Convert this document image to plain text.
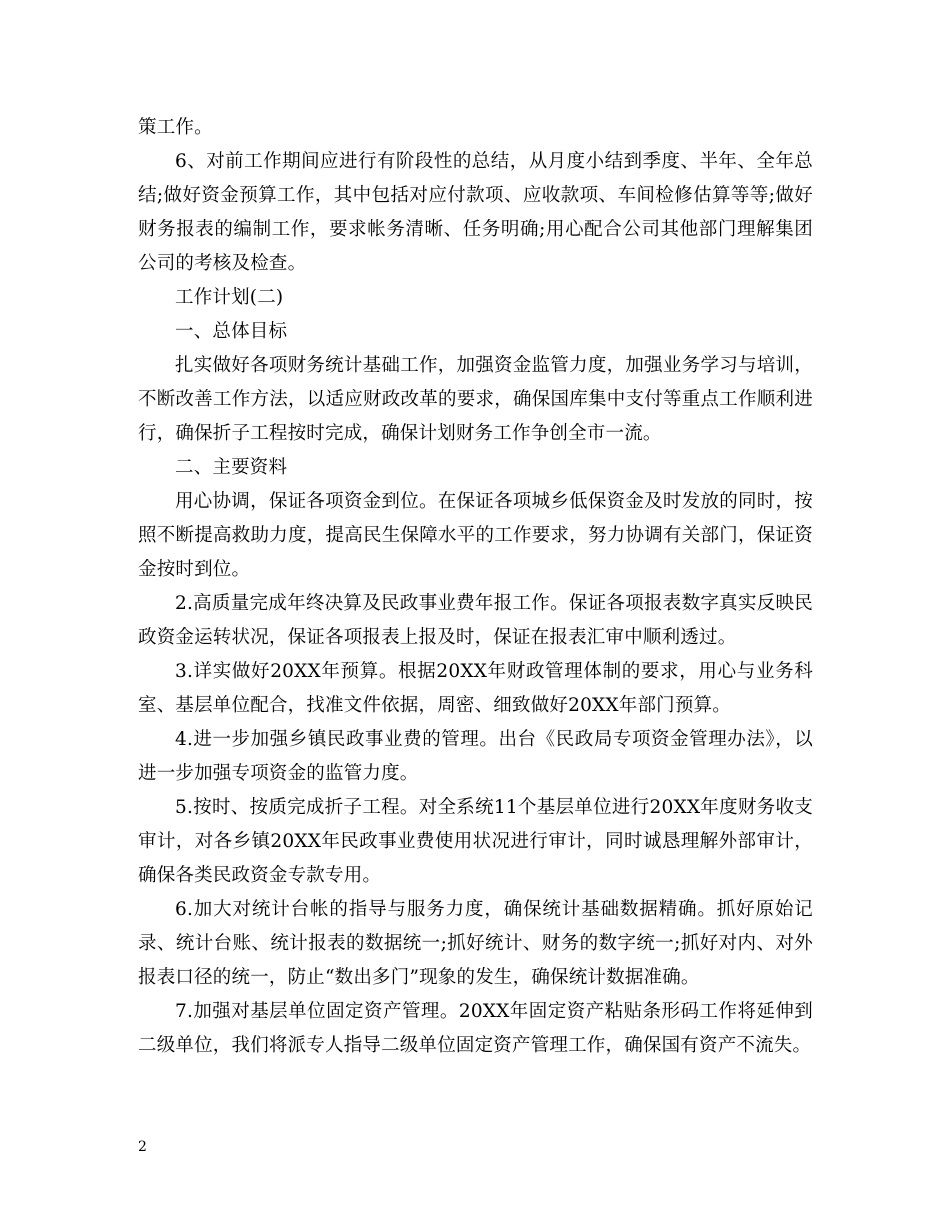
策工作。

6、对前工作期间应进行有阶段性的总结，从月度小结到季度、半年、全年总结;做好资金预算工作，其中包括对应付款项、应收款项、车间检修估算等等;做好财务报表的编制工作，要求帐务清晰、任务明确;用心配合公司其他部门理解集团公司的考核及检查。

工作计划(二)

一、总体目标

扎实做好各项财务统计基础工作，加强资金监管力度，加强业务学习与培训，不断改善工作方法，以适应财政改革的要求，确保国库集中支付等重点工作顺利进行，确保折子工程按时完成，确保计划财务工作争创全市一流。

二、主要资料

用心协调，保证各项资金到位。在保证各项城乡低保资金及时发放的同时，按照不断提高救助力度，提高民生保障水平的工作要求，努力协调有关部门，保证资金按时到位。

2.高质量完成年终决算及民政事业费年报工作。保证各项报表数字真实反映民政资金运转状况，保证各项报表上报及时，保证在报表汇审中顺利透过。

3.详实做好20XX年预算。根据20XX年财政管理体制的要求，用心与业务科室、基层单位配合，找准文件依据，周密、细致做好20XX年部门预算。

4.进一步加强乡镇民政事业费的管理。出台《民政局专项资金管理办法》，以进一步加强专项资金的监管力度。

5.按时、按质完成折子工程。对全系统11个基层单位进行20XX年度财务收支审计，对各乡镇20XX年民政事业费使用状况进行审计，同时诚恳理解外部审计，确保各类民政资金专款专用。

6.加大对统计台帐的指导与服务力度，确保统计基础数据精确。抓好原始记录、统计台账、统计报表的数据统一;抓好统计、财务的数字统一;抓好对内、对外报表口径的统一，防止“数出多门”现象的发生，确保统计数据准确。

7.加强对基层单位固定资产管理。20XX年固定资产粘贴条形码工作将延伸到二级单位，我们将派专人指导二级单位固定资产管理工作，确保国有资产不流失。

2
